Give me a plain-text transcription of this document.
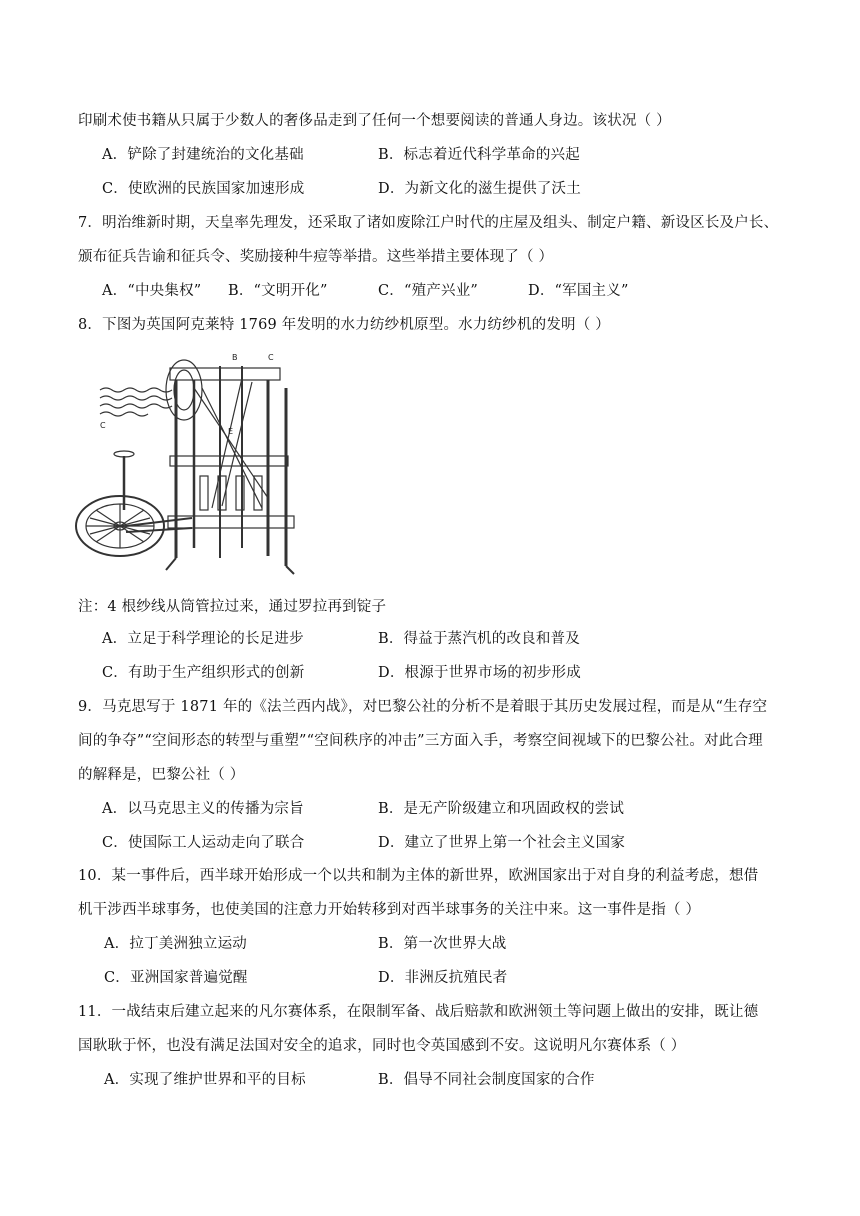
印刷术使书籍从只属于少数人的奢侈品走到了任何一个想要阅读的普通人身边。该状况（ ）
A．铲除了封建统治的文化基础	B．标志着近代科学革命的兴起
C．使欧洲的民族国家加速形成	D．为新文化的滋生提供了沃土
7．明治维新时期，天皇率先理发，还采取了诸如废除江户时代的庄屋及组头、制定户籍、新设区长及户长、
颁布征兵告谕和征兵令、奖励接种牛痘等举措。这些举措主要体现了（ ）
A．“中央集权” B．“文明开化”	C．“殖产兴业”	D．“军国主义”
8．下图为英国阿克莱特 1769 年发明的水力纺纱机原型。水力纺纱机的发明（ ）
B	C
C
E
注：4 根纱线从筒管拉过来，通过罗拉再到锭子
A．立足于科学理论的长足进步	B．得益于蒸汽机的改良和普及
C．有助于生产组织形式的创新	D．根源于世界市场的初步形成
9．马克思写于 1871 年的《法兰西内战》，对巴黎公社的分析不是着眼于其历史发展过程，而是从“生存空
间的争夺”“空间形态的转型与重塑”“空间秩序的冲击”三方面入手，考察空间视域下的巴黎公社。对此合理
的解释是，巴黎公社（ ）
A．以马克思主义的传播为宗旨	B．是无产阶级建立和巩固政权的尝试
C．使国际工人运动走向了联合	D．建立了世界上第一个社会主义国家
10．某一事件后，西半球开始形成一个以共和制为主体的新世界，欧洲国家出于对自身的利益考虑，想借
机干涉西半球事务，也使美国的注意力开始转移到对西半球事务的关注中来。这一事件是指（ ）
A．拉丁美洲独立运动	B．第一次世界大战
C．亚洲国家普遍觉醒	D．非洲反抗殖民者
11．一战结束后建立起来的凡尔赛体系，在限制军备、战后赔款和欧洲领土等问题上做出的安排，既让德
国耿耿于怀，也没有满足法国对安全的追求，同时也令英国感到不安。这说明凡尔赛体系（ ）
A．实现了维护世界和平的目标	B．倡导不同社会制度国家的合作
